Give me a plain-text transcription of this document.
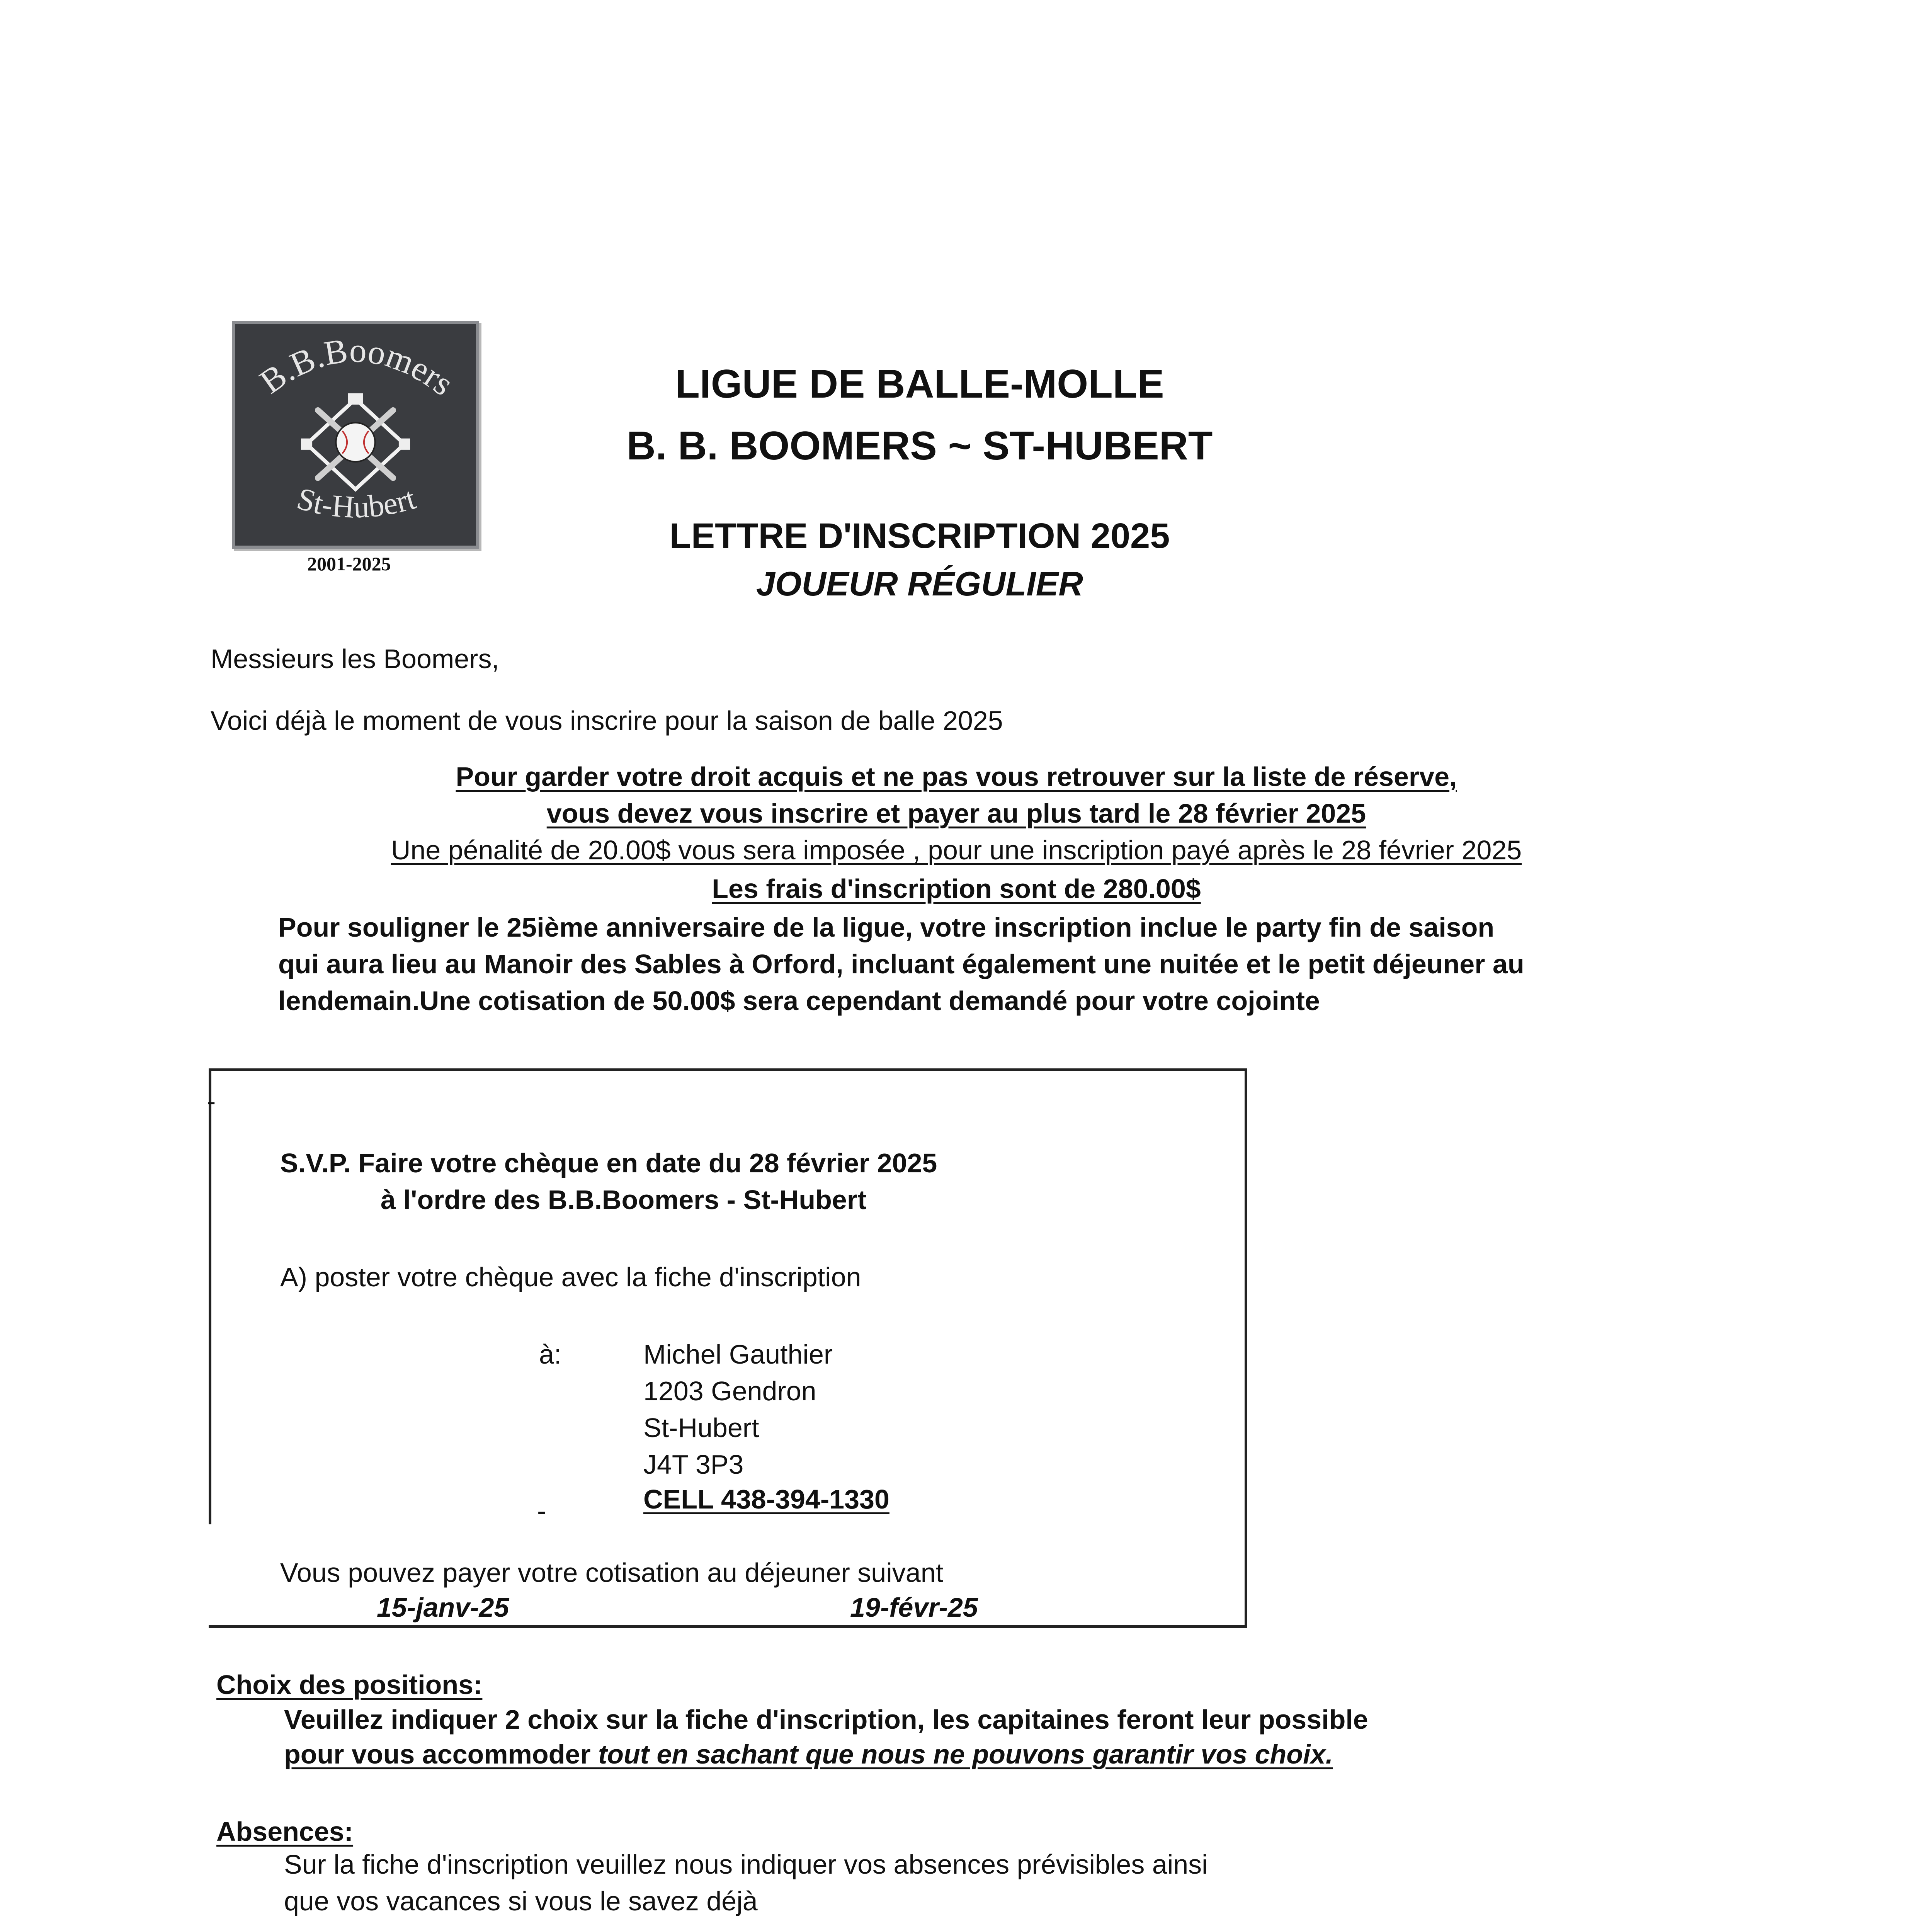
B.B.Boomers
St-Hubert
2001-2025
LIGUE DE BALLE-MOLLE
B. B. BOOMERS ~ ST-HUBERT
LETTRE D'INSCRIPTION 2025
JOUEUR RÉGULIER
Messieurs les Boomers,
Voici déjà le moment de vous inscrire pour la saison de balle 2025
Pour garder votre droit acquis et ne pas vous retrouver sur la liste de réserve,
vous devez vous inscrire et payer au plus tard le 28 février 2025
Une pénalité de 20.00$ vous sera imposée , pour une inscription payé après le 28 février 2025
Les frais d'inscription sont de 280.00$
Pour souligner le 25ième anniversaire de la ligue, votre inscription inclue le party fin de saison
qui aura lieu au Manoir des Sables à Orford, incluant également une nuitée et le petit déjeuner au
lendemain.Une cotisation de 50.00$ sera cependant demandé pour votre cojointe
-
S.V.P. Faire votre chèque en date du 28 février 2025
à l'ordre des B.B.Boomers - St-Hubert
A) poster votre chèque avec la fiche d'inscription
à:	Michel Gauthier
1203 Gendron
St-Hubert
J4T 3P3
CELL 438-394-1330
-
Vous pouvez payer votre cotisation au déjeuner suivant
15-janv-25	19-févr-25
Choix des positions:
Veuillez indiquer 2 choix sur la fiche d'inscription, les capitaines feront leur possible
pour vous accommoder tout en sachant que nous ne pouvons garantir vos choix.
Absences:
Sur la fiche d'inscription veuillez nous indiquer vos absences prévisibles ainsi
que vos vacances si vous le savez déjà
